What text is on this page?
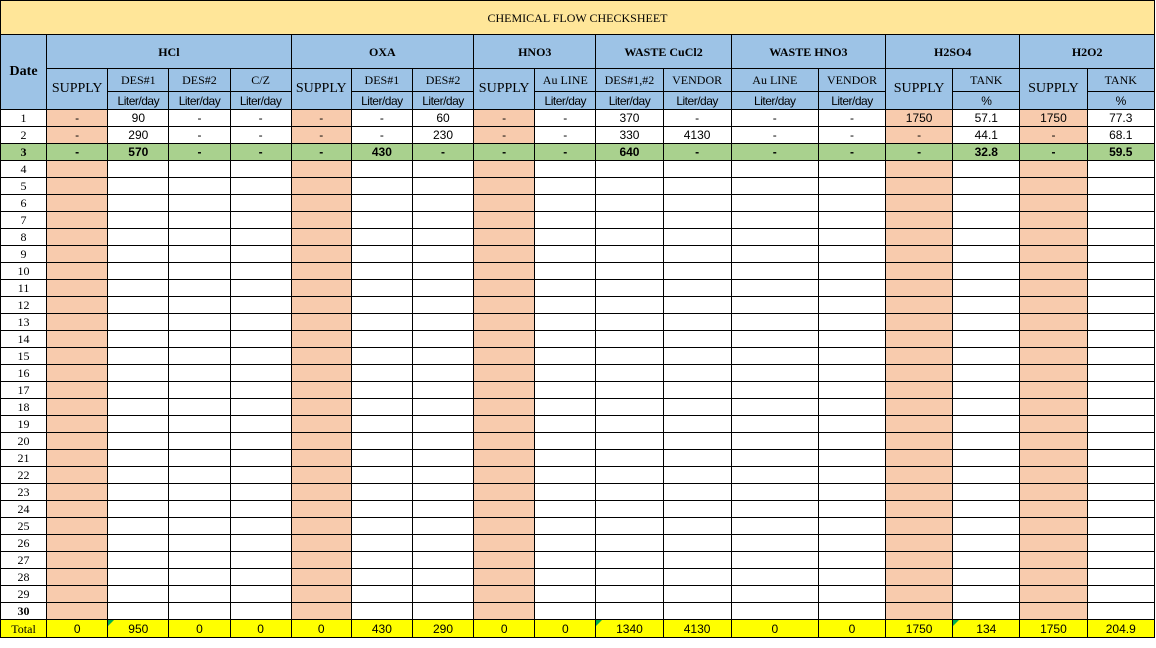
CHEMICAL FLOW CHECKSHEET																	
Date	HCl				OXA			HNO3		WASTE CuCl2		WASTE HNO3		H2SO4		H2O2	
	SUPPLY	DES#1	DES#2	C/Z	SUPPLY	DES#1	DES#2	SUPPLY	Au LINE	DES#1,#2	VENDOR	Au LINE	VENDOR	SUPPLY	TANK	SUPPLY	TANK
		Liter/day	Liter/day	Liter/day		Liter/day	Liter/day		Liter/day	Liter/day	Liter/day	Liter/day	Liter/day		%		%
1	-	90	-	-	-	-	60	-	-	370	-	-	-	1750	57.1	1750	77.3
2	-	290	-	-	-	-	230	-	-	330	4130	-	-	-	44.1	-	68.1
3	-	570	-	-	-	430	-	-	-	640	-	-	-	-	32.8	-	59.5
4																	
5																	
6																	
7																	
8																	
9																	
10																	
11																	
12																	
13																	
14																	
15																	
16																	
17																	
18																	
19																	
20																	
21																	
22																	
23																	
24																	
25																	
26																	
27																	
28																	
29																	
30																	
Total	0	950	0	0	0	430	290	0	0	1340	4130	0	0	1750	134	1750	204.9
